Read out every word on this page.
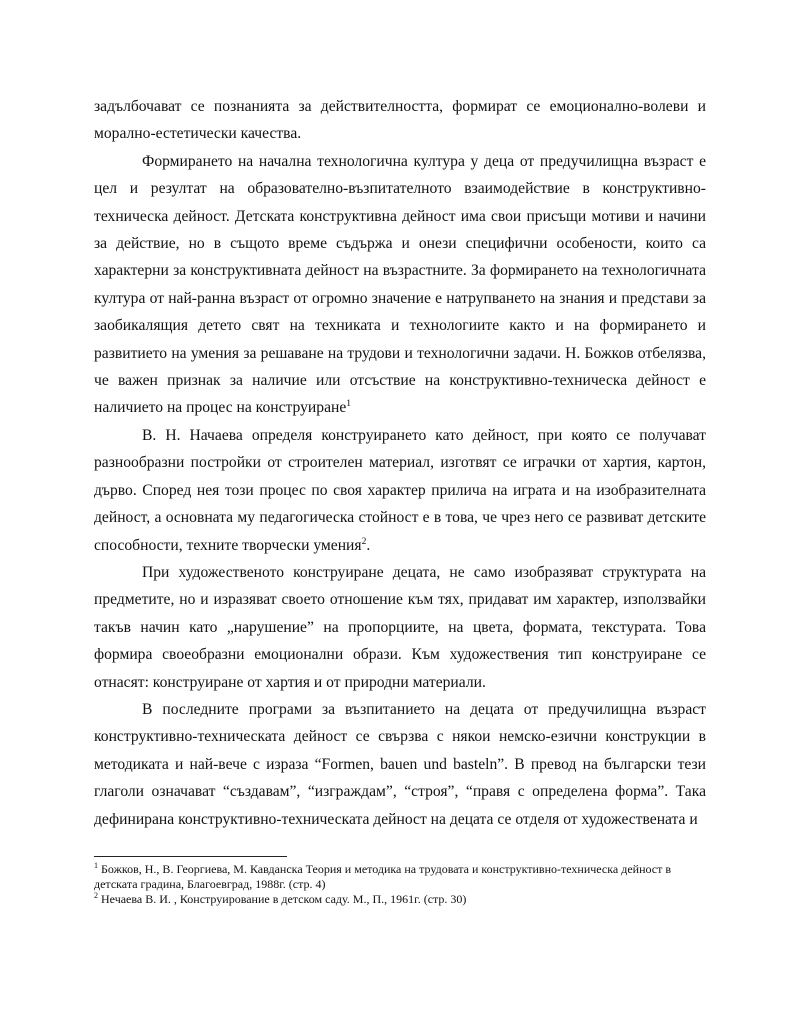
задълбочават се познанията за действителността, формират се емоционално-волеви и морално-естетически качества.

Формирането на начална технологична култура у деца от предучилищна възраст е цел и резултат на образователно-възпитателното взаимодействие в конструктивно-техническа дейност. Детската конструктивна дейност има свои присъщи мотиви и начини за действие, но в същото време съдържа и онези специфични особености, които са характерни за конструктивната дейност на възрастните. За формирането на технологичната култура от най-ранна възраст от огромно значение е натрупването на знания и представи за заобикалящия детето свят на техниката и технологиите както и на формирането и развитието на умения за решаване на трудови и технологични задачи. Н. Божков отбелязва, че важен признак за наличие или отсъствие на конструктивно-техническа дейност е наличието на процес на конструиране$^1$

В. Н. Начаева определя конструирането като дейност, при която се получават разнообразни постройки от строителен материал, изготвят се играчки от хартия, картон, дърво. Според нея този процес по своя характер прилича на играта и на изобразителната дейност, а основната му педагогическа стойност е в това, че чрез него се развиват детските способности, техните творчески умения$^2$.

При художественото конструиране децата, не само изобразяват структурата на предметите, но и изразяват своето отношение към тях, придават им характер, използвайки такъв начин като „нарушение” на пропорциите, на цвета, формата, текстурата. Това формира своеобразни емоционални образи. Към художествения тип конструиране се отнасят: конструиране от хартия и от природни материали.

В последните програми за възпитанието на децата от предучилищна възраст конструктивно-техническата дейност се свързва с някои немско-езични конструкции в методиката и най-вече с израза “Formen, bauen und basteln”. В превод на български тези глаголи означават “създавам”, “изграждам”, “строя”, “правя с определена форма”. Така дефинирана конструктивно-техническата дейност на децата се отделя от художествената и

$^1$ Божков, Н., В. Георгиева, М. Кавданска Теория и методика на трудовата и конструктивно-техническа дейност в детската градина, Благоевград, 1988г. (стр. 4)

$^2$ Нечаева В. И. , Конструирование в детском саду. М., П., 1961г. (стр. 30)
